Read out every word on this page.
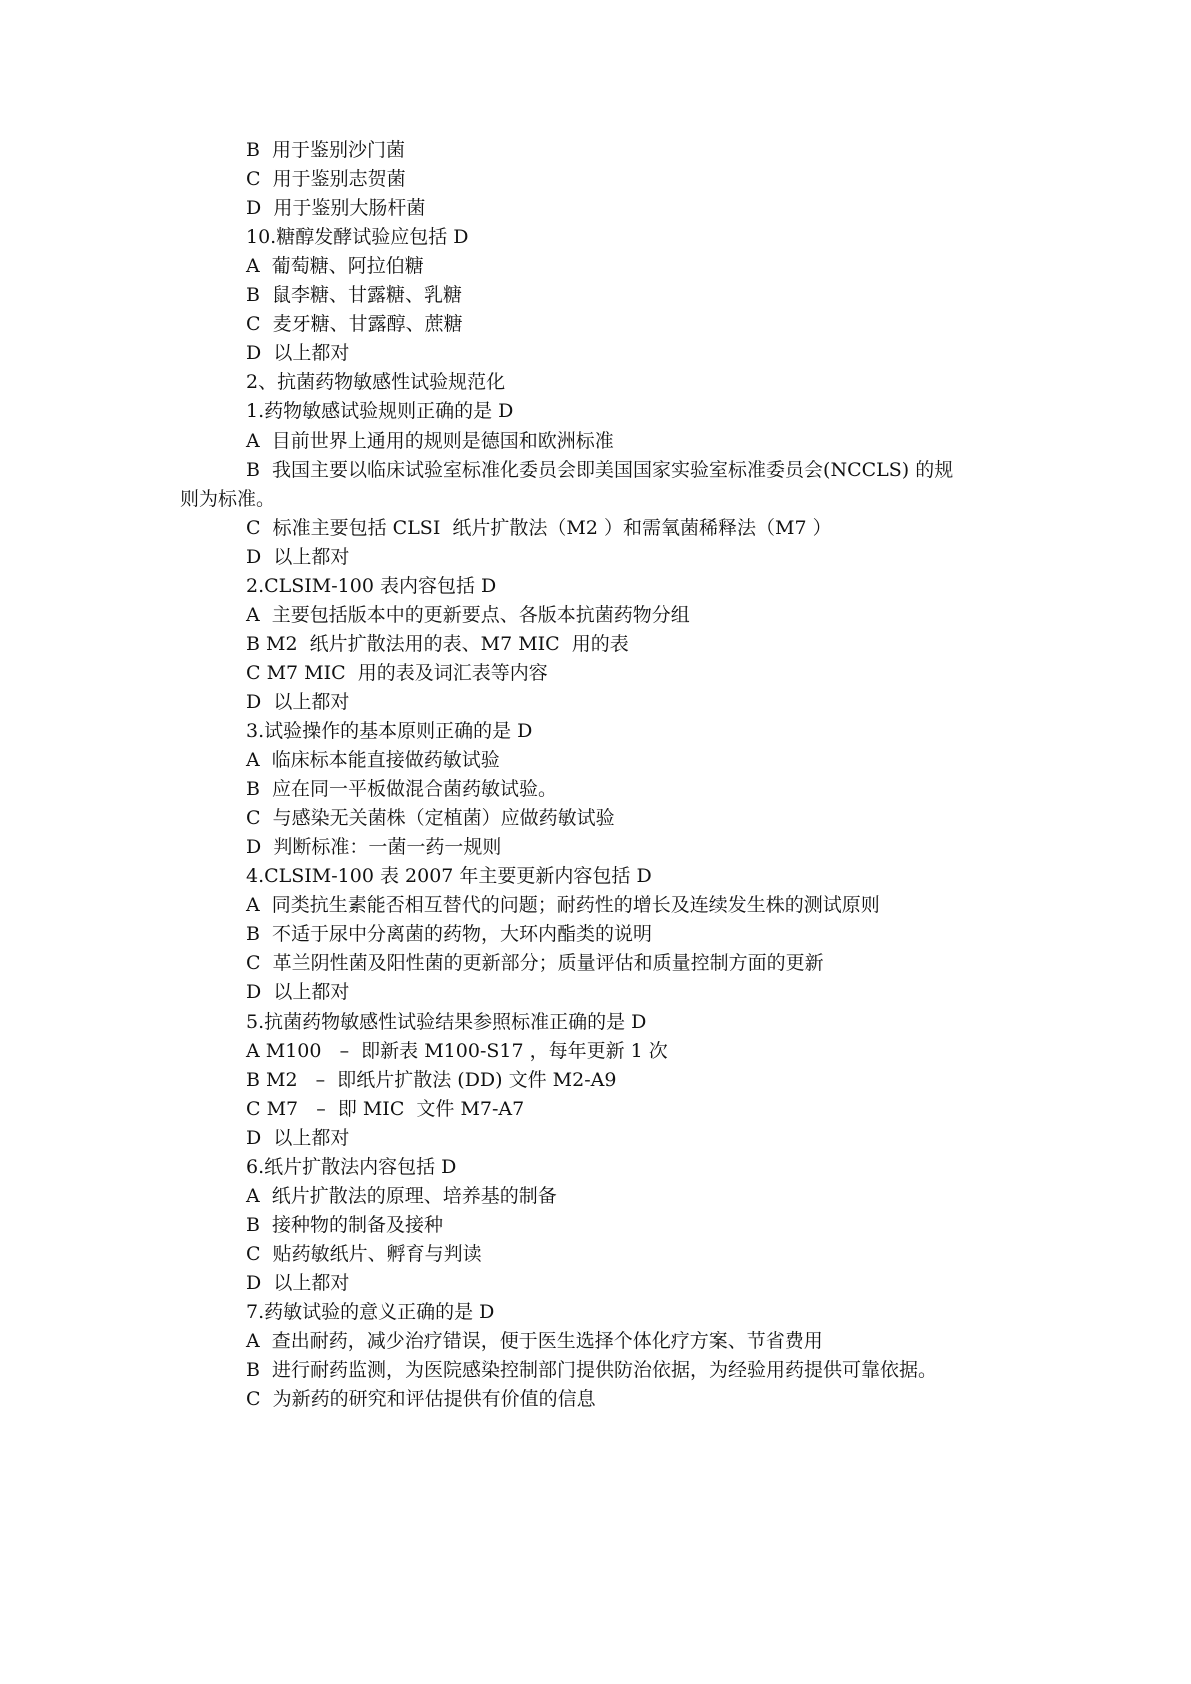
B  用于鉴别沙门菌
C  用于鉴别志贺菌
D  用于鉴别大肠杆菌
10.糖醇发酵试验应包括 D
A  葡萄糖、阿拉伯糖
B  鼠李糖、甘露糖、乳糖
C  麦牙糖、甘露醇、蔗糖
D  以上都对
2、抗菌药物敏感性试验规范化
1.药物敏感试验规则正确的是 D
A  目前世界上通用的规则是德国和欧洲标准
B  我国主要以临床试验室标准化委员会即美国国家实验室标准委员会(NCCLS) 的规
则为标准。
C  标准主要包括 CLSI  纸片扩散法（M2 ）和需氧菌稀释法（M7 ）
D  以上都对
2.CLSIM-100 表内容包括 D
A  主要包括版本中的更新要点、各版本抗菌药物分组
B M2  纸片扩散法用的表、M7 MIC  用的表
C M7 MIC  用的表及词汇表等内容
D  以上都对
3.试验操作的基本原则正确的是 D
A  临床标本能直接做药敏试验
B  应在同一平板做混合菌药敏试验。
C  与感染无关菌株（定植菌）应做药敏试验
D  判断标准：一菌一药一规则
4.CLSIM-100 表 2007 年主要更新内容包括 D
A  同类抗生素能否相互替代的问题；耐药性的增长及连续发生株的测试原则
B  不适于尿中分离菌的药物，大环内酯类的说明
C  革兰阴性菌及阳性菌的更新部分；质量评估和质量控制方面的更新
D  以上都对
5.抗菌药物敏感性试验结果参照标准正确的是 D
A M100   –  即新表 M100-S17 ，每年更新 1 次
B M2   –  即纸片扩散法 (DD) 文件 M2-A9
C M7   –  即 MIC  文件 M7-A7
D  以上都对
6.纸片扩散法内容包括 D
A  纸片扩散法的原理、培养基的制备
B  接种物的制备及接种
C  贴药敏纸片、孵育与判读
D  以上都对
7.药敏试验的意义正确的是 D
A  查出耐药，减少治疗错误，便于医生选择个体化疗方案、节省费用
B  进行耐药监测，为医院感染控制部门提供防治依据，为经验用药提供可靠依据。
C  为新药的研究和评估提供有价值的信息
